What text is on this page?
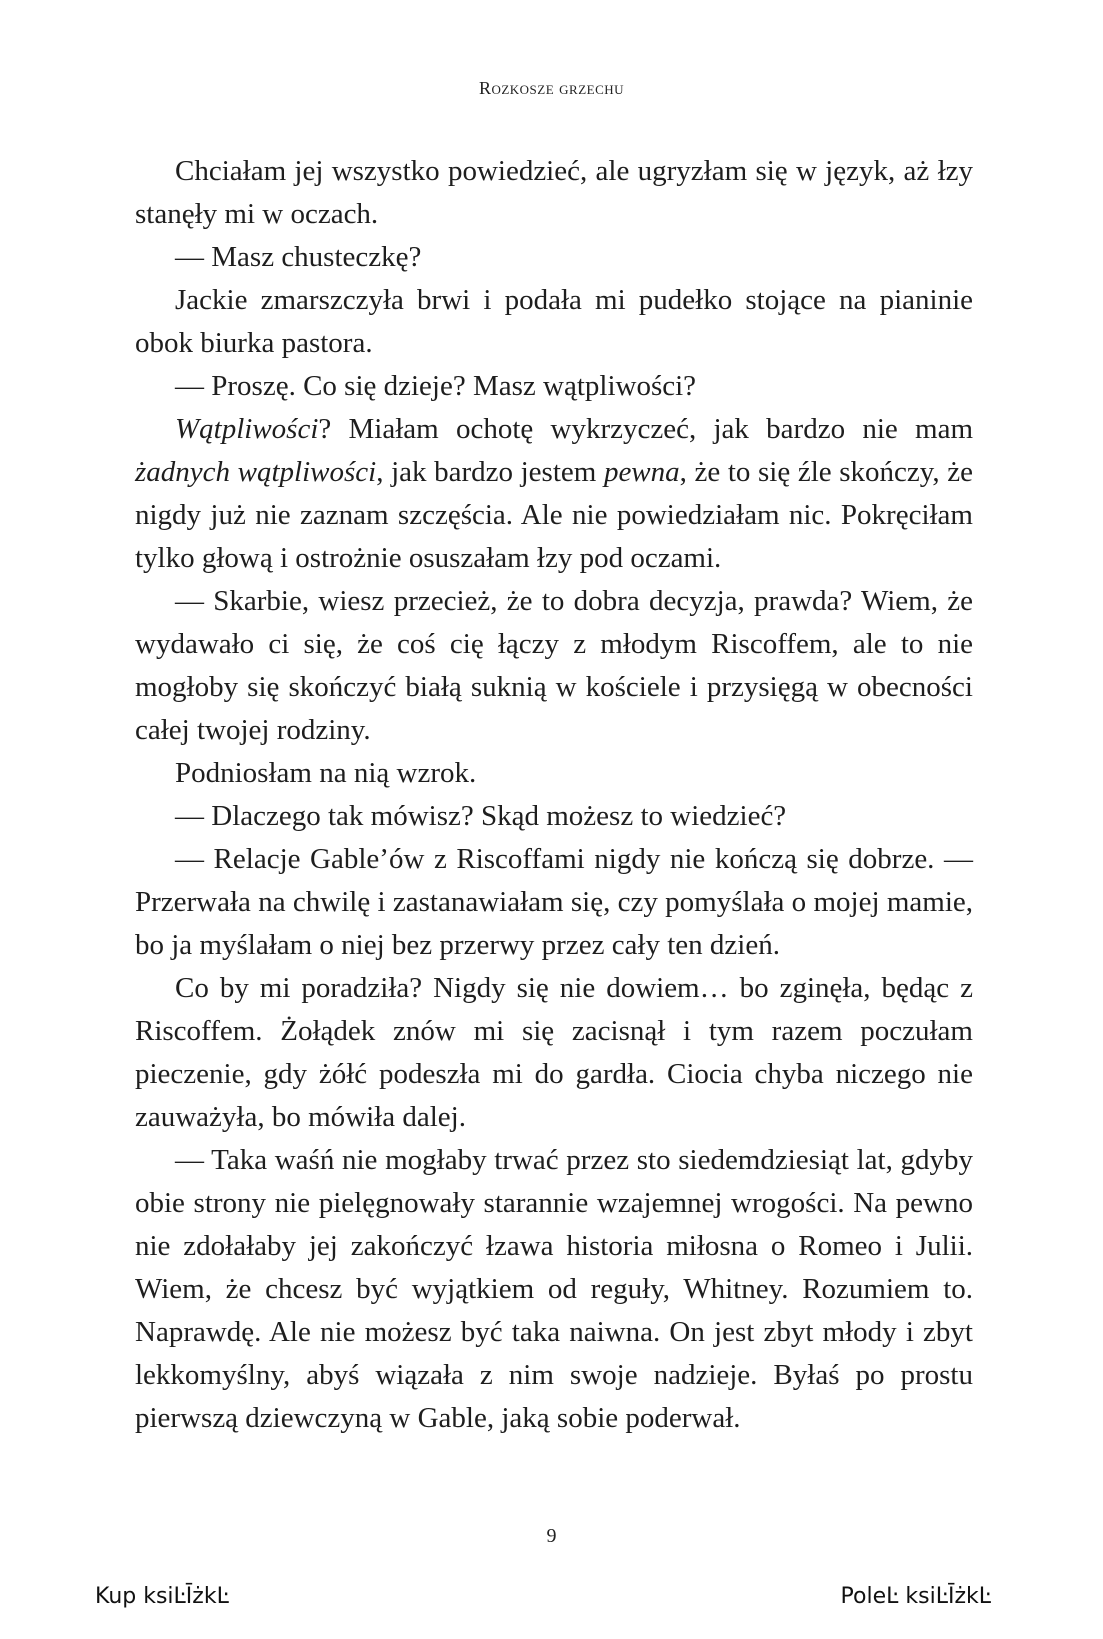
Rozkosze grzechu

Chciałam jej wszystko powiedzieć, ale ugryzłam się w język, aż łzy stanęły mi w oczach.

— Masz chusteczkę?

Jackie zmarszczyła brwi i podała mi pudełko stojące na pianinie obok biurka pastora.

— Proszę. Co się dzieje? Masz wątpliwości?

Wątpliwości? Miałam ochotę wykrzyczeć, jak bardzo nie mam żadnych wątpliwości, jak bardzo jestem pewna, że to się źle skończy, że nigdy już nie zaznam szczęścia. Ale nie powiedziałam nic. Pokręciłam tylko głową i ostrożnie osuszałam łzy pod oczami.

— Skarbie, wiesz przecież, że to dobra decyzja, prawda? Wiem, że wydawało ci się, że coś cię łączy z młodym Riscoffem, ale to nie mogłoby się skończyć białą suknią w kościele i przysięgą w obecności całej twojej rodziny.

Podniosłam na nią wzrok.

— Dlaczego tak mówisz? Skąd możesz to wiedzieć?

— Relacje Gable’ów z Riscoffami nigdy nie kończą się dobrze. — Przerwała na chwilę i zastanawiałam się, czy pomyślała o mojej mamie, bo ja myślałam o niej bez przerwy przez cały ten dzień.

Co by mi poradziła? Nigdy się nie dowiem… bo zginęła, będąc z Riscoffem. Żołądek znów mi się zacisnął i tym razem poczułam pieczenie, gdy żółć podeszła mi do gardła. Ciocia chyba niczego nie zauważyła, bo mówiła dalej.

— Taka waśń nie mogłaby trwać przez sto siedemdziesiąt lat, gdyby obie strony nie pielęgnowały starannie wzajemnej wrogości. Na pewno nie zdołałaby jej zakończyć łzawa historia miłosna o Romeo i Julii. Wiem, że chcesz być wyjątkiem od reguły, Whitney. Rozumiem to. Naprawdę. Ale nie możesz być taka naiwna. On jest zbyt młody i zbyt lekkomyślny, abyś wiązała z nim swoje nadzieje. Byłaś po prostu pierwszą dziewczyną w Gable, jaką sobie poderwał.

9
Kup ksiĿĪżkĿ	PoleĿ ksiĿĪżkĿ
